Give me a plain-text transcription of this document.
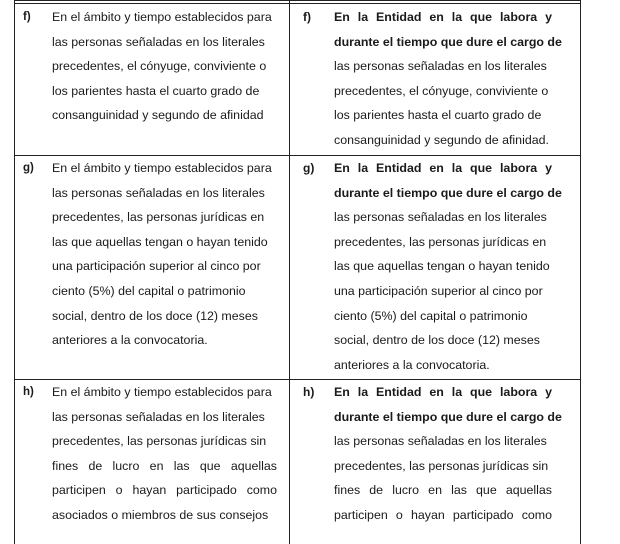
f) En el ámbito y tiempo establecidos para
las personas señaladas en los literales
precedentes, el cónyuge, conviviente o
los parientes hasta el cuarto grado de
consanguinidad y segundo de afinidad
f) En la Entidad en la que labora y
durante el tiempo que dure el cargo de
las personas señaladas en los literales
precedentes, el cónyuge, conviviente o
los parientes hasta el cuarto grado de
consanguinidad y segundo de afinidad.
g) En el ámbito y tiempo establecidos para
las personas señaladas en los literales
precedentes, las personas jurídicas en
las que aquellas tengan o hayan tenido
una participación superior al cinco por
ciento (5%) del capital o patrimonio
social, dentro de los doce (12) meses
anteriores a la convocatoria.
g) En la Entidad en la que labora y
durante el tiempo que dure el cargo de
las personas señaladas en los literales
precedentes, las personas jurídicas en
las que aquellas tengan o hayan tenido
una participación superior al cinco por
ciento (5%) del capital o patrimonio
social, dentro de los doce (12) meses
anteriores a la convocatoria.
h) En el ámbito y tiempo establecidos para
las personas señaladas en los literales
precedentes, las personas jurídicas sin
fines de lucro en las que aquellas
participen o hayan participado como
asociados o miembros de sus consejos
h) En la Entidad en la que labora y
durante el tiempo que dure el cargo de
las personas señaladas en los literales
precedentes, las personas jurídicas sin
fines de lucro en las que aquellas
participen o hayan participado como
